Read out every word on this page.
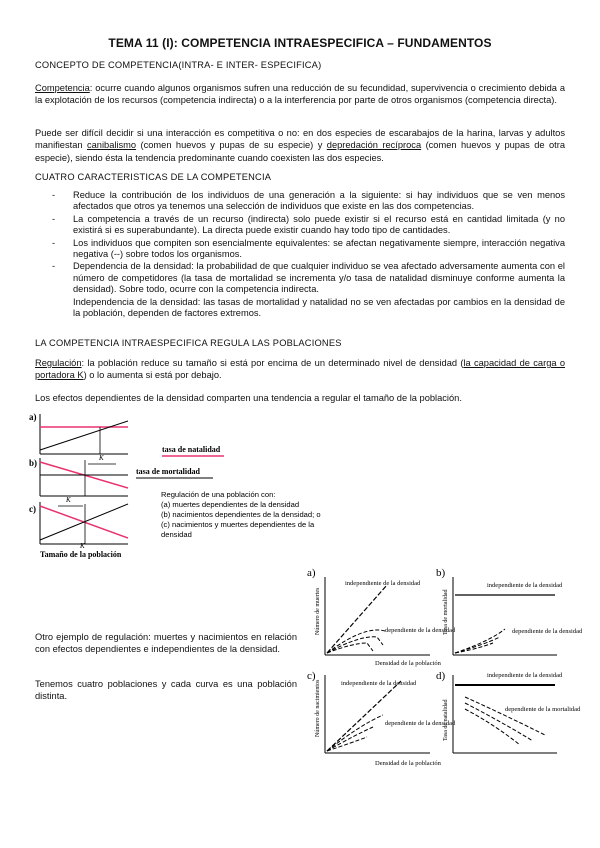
TEMA 11 (I): COMPETENCIA INTRAESPECIFICA – FUNDAMENTOS
CONCEPTO DE COMPETENCIA(INTRA- E INTER- ESPECIFICA)
Competencia: ocurre cuando algunos organismos sufren una reducción de su fecundidad, supervivencia o crecimiento debida a la explotación de los recursos (competencia indirecta) o a la interferencia por parte de otros organismos (competencia directa).
Puede ser difícil decidir si una interacción es competitiva o no: en dos especies de escarabajos de la harina, larvas y adultos manifiestan canibalismo (comen huevos y pupas de su especie) y depredación recíproca (comen huevos y pupas de otra especie), siendo ésta la tendencia predominante cuando coexisten las dos especies.
CUATRO CARACTERISTICAS DE LA COMPETENCIA
- Reduce la contribución de los individuos de una generación a la siguiente: si hay individuos que se ven menos afectados que otros ya tenemos una selección de individuos que existe en las dos competencias.
- La competencia a través de un recurso (indirecta) solo puede existir si el recurso está en cantidad limitada (y no existirá si es superabundante). La directa puede existir cuando hay todo tipo de cantidades.
- Los individuos que compiten son esencialmente equivalentes: se afectan negativamente siempre, interacción negativa negativa (--) sobre todos los organismos.
- Dependencia de la densidad: la probabilidad de que cualquier individuo se vea afectado adversamente aumenta con el número de competidores (la tasa de mortalidad se incrementa y/o tasa de natalidad disminuye conforme aumenta la densidad). Sobre todo, ocurre con la competencia indirecta.
Independencia de la densidad: las tasas de mortalidad y natalidad no se ven afectadas por cambios en la densidad de la población, dependen de factores extremos.
LA COMPETENCIA INTRAESPECIFICA REGULA LAS POBLACIONES
Regulación: la población reduce su tamaño si está por encima de un determinado nivel de densidad (la capacidad de carga o portadora K) o lo aumenta si está por debajo.
Los efectos dependientes de la densidad comparten una tendencia a regular el tamaño de la población.
a)
b)	K
c)
K
K
Tamaño de la población
tasa de natalidad
tasa de mortalidad
Regulación de una población con:
(a) muertes dependientes de la densidad
(b) nacimientos dependientes de la densidad; o
(c) nacimientos y muertes dependientes de la
densidad
Otro ejemplo de regulación: muertes y nacimientos en relación con efectos dependientes e independientes de la densidad.
Tenemos cuatro poblaciones y cada curva es una población distinta.
a)
independiente de la densidad
dependiente de la densidad
Número de muertes
b)
independiente de la densidad
dependiente de la densidad
Tasa de mortalidad
Densidad de la población
c)
independiente de la densidad
dependiente de la densidad
Número de nacimientos
d)	independiente de la densidad
dependiente de la mortalidad
Tasa de natalidad
Densidad de la población
